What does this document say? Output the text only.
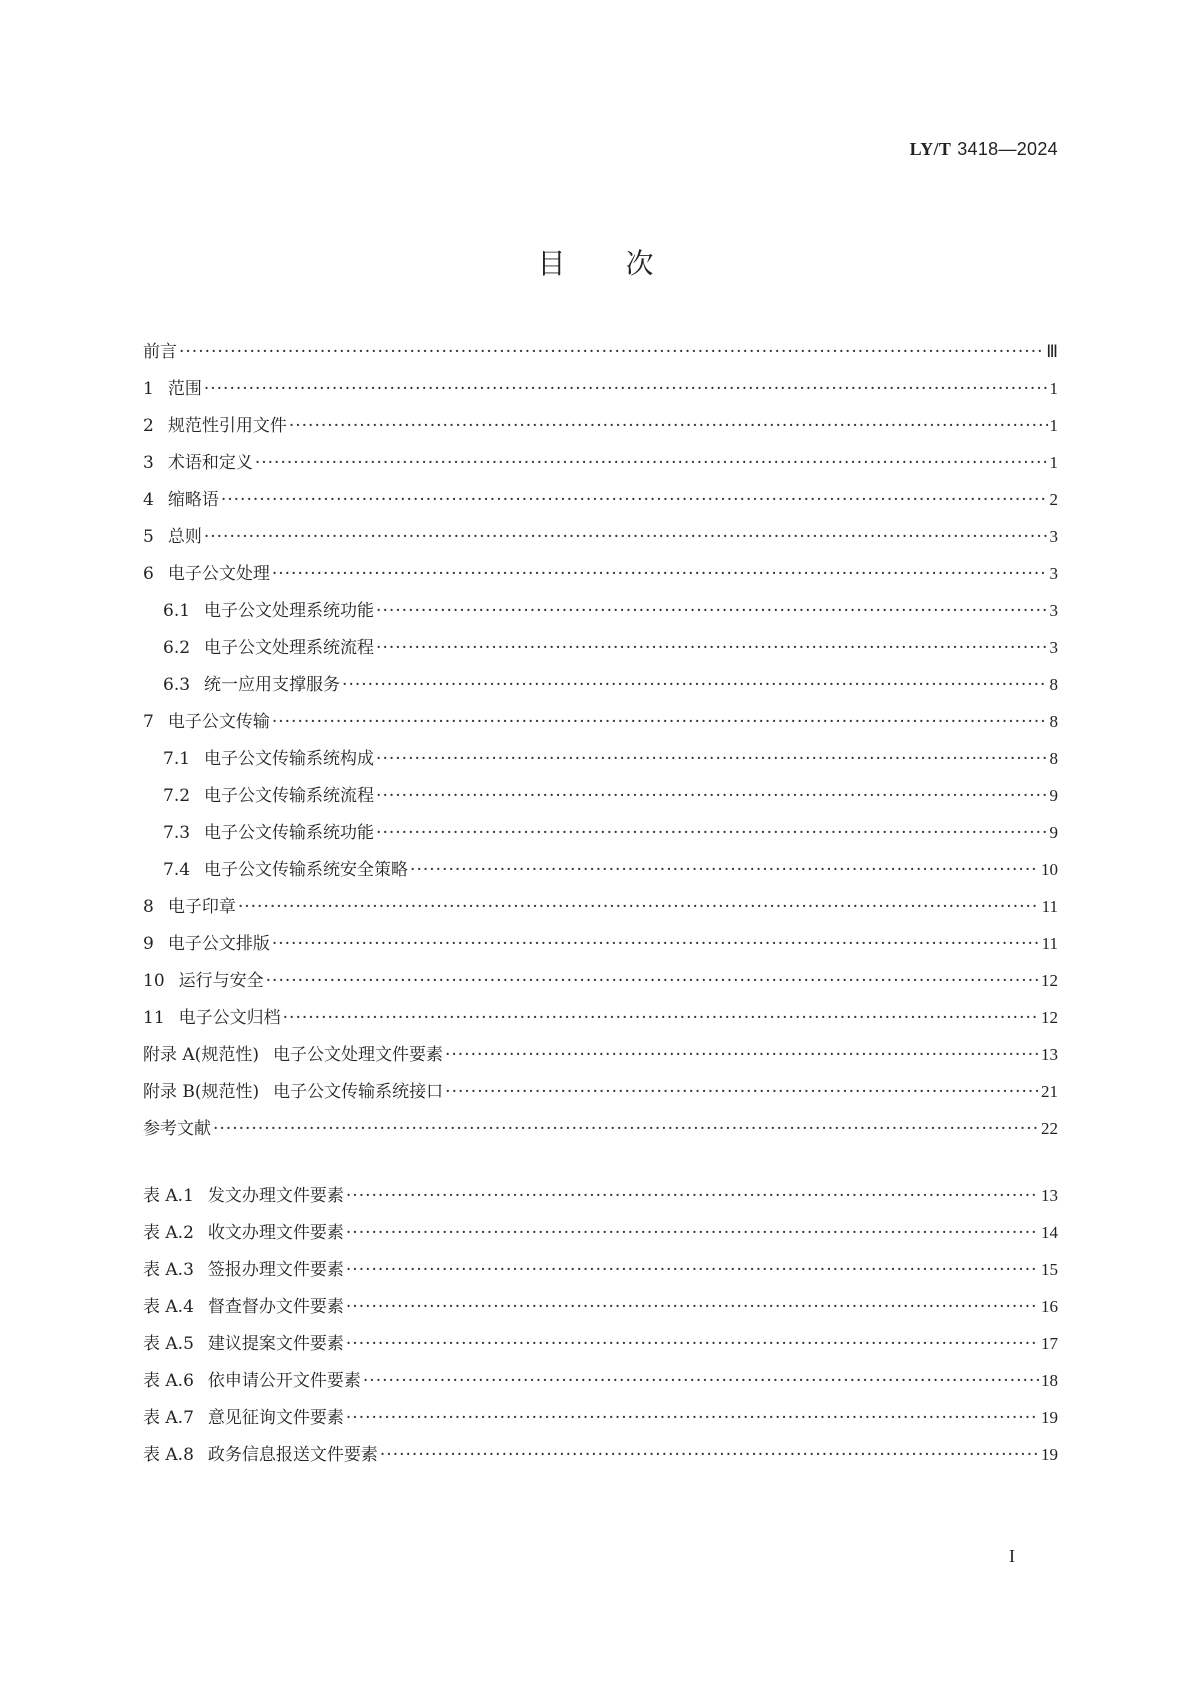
LY/T 3418—2024
目次
前言 ·····	Ⅲ
1 范围 ·····	1
2 规范性引用文件 ·····	1
3 术语和定义 ·····	1
4 缩略语 ·····	2
5 总则 ·····	3
6 电子公文处理 ·····	3
6.1 电子公文处理系统功能 ·····	3
6.2 电子公文处理系统流程 ·····	3
6.3 统一应用支撑服务 ·····	8
7 电子公文传输 ·····	8
7.1 电子公文传输系统构成 ·····	8
7.2 电子公文传输系统流程 ·····	9
7.3 电子公文传输系统功能 ·····	9
7.4 电子公文传输系统安全策略 ·····	10
8 电子印章 ·····	11
9 电子公文排版 ·····	11
10 运行与安全 ·····	12
11 电子公文归档 ·····	12
附录 A(规范性) 电子公文处理文件要素 ·····	13
附录 B(规范性) 电子公文传输系统接口 ·····	21
参考文献 ·····	22
表 A.1 发文办理文件要素 ·····	13
表 A.2 收文办理文件要素 ·····	14
表 A.3 签报办理文件要素 ·····	15
表 A.4 督查督办文件要素 ·····	16
表 A.5 建议提案文件要素 ·····	17
表 A.6 依申请公开文件要素 ·····	18
表 A.7 意见征询文件要素 ·····	19
表 A.8 政务信息报送文件要素 ·····	19
I
